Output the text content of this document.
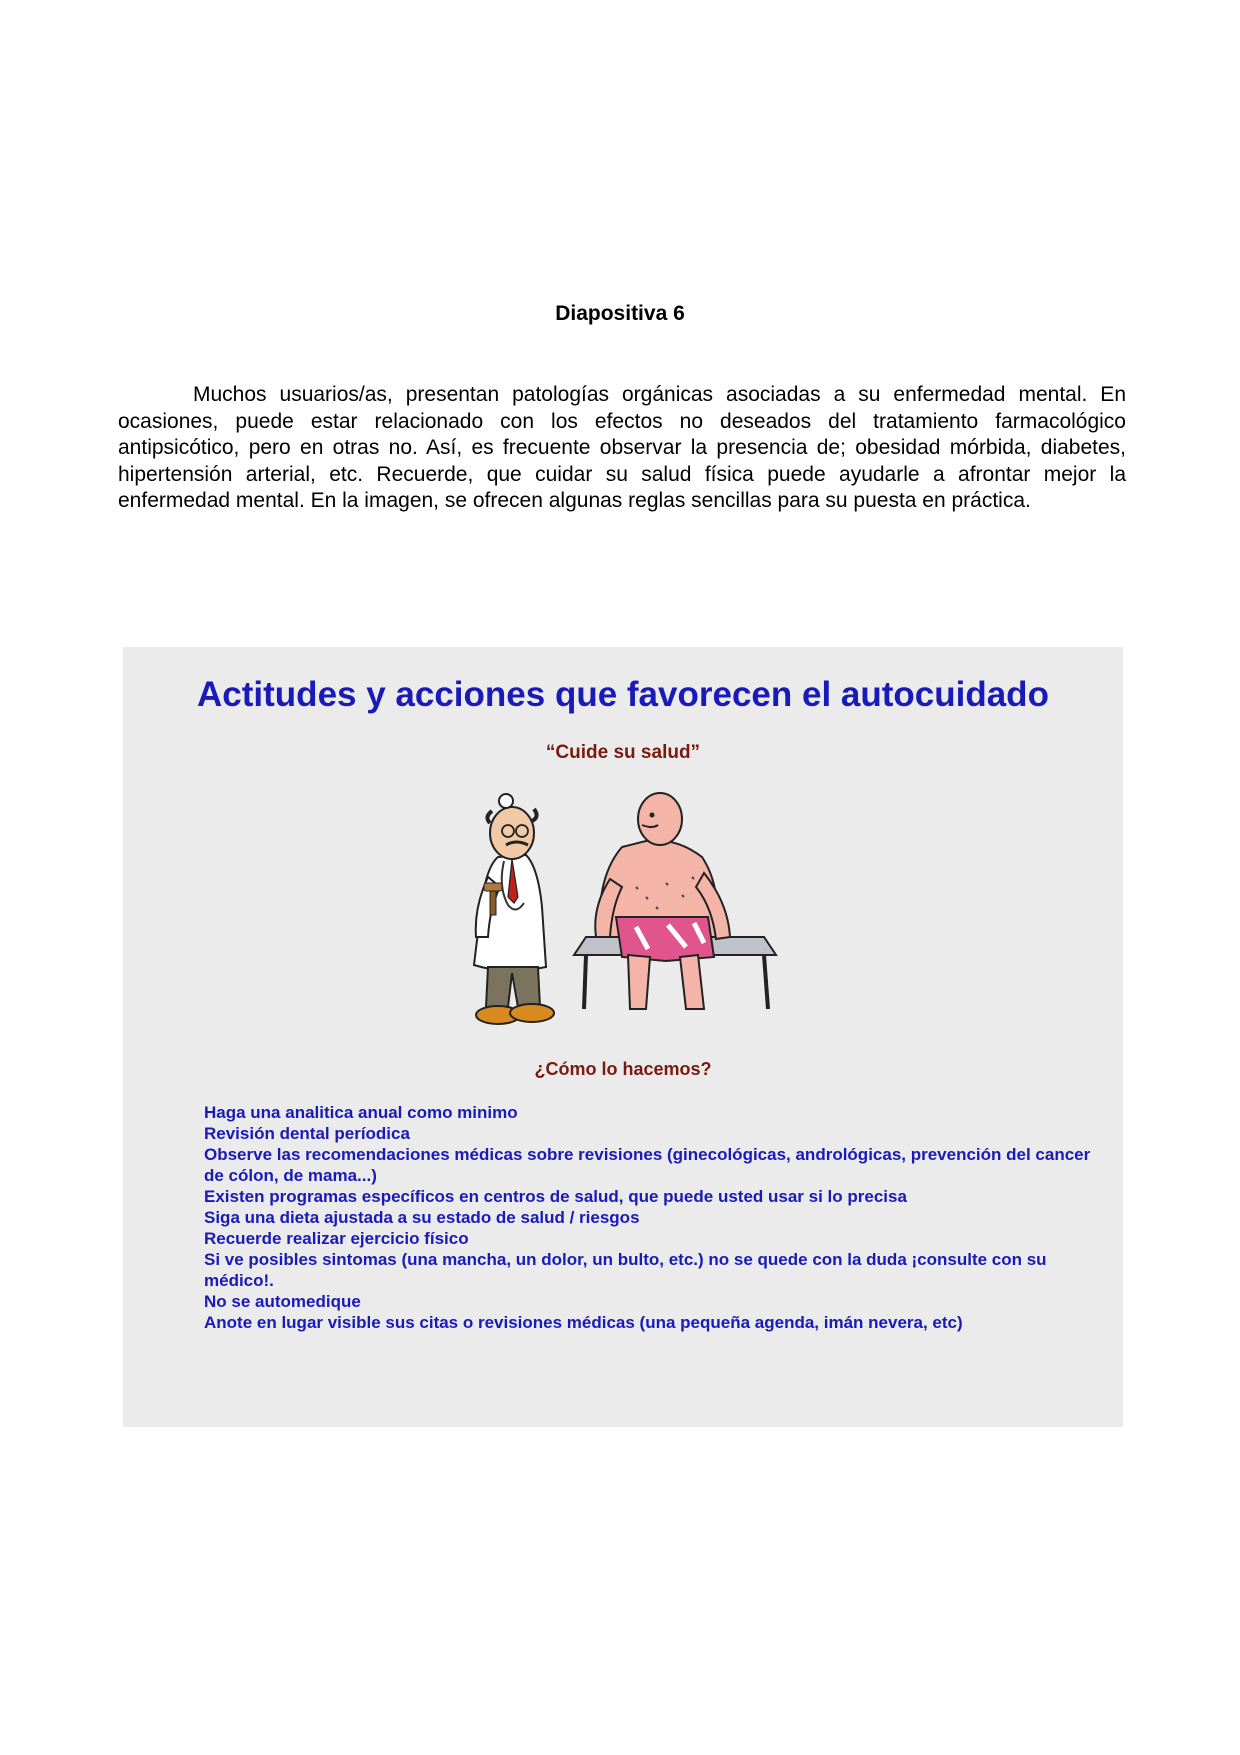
Diapositiva 6

Muchos usuarios/as, presentan patologías orgánicas asociadas a su enfermedad mental. En ocasiones, puede estar relacionado con los efectos no deseados del tratamiento farmacológico antipsicótico, pero en otras no. Así, es frecuente observar la presencia de; obesidad mórbida, diabetes, hipertensión arterial, etc. Recuerde, que cuidar su salud física puede ayudarle a afrontar mejor la enfermedad mental. En la imagen, se ofrecen algunas reglas sencillas para su puesta en práctica.

Actitudes y acciones que favorecen el autocuidado
“Cuide su salud”
¿Cómo lo hacemos?
Haga una analitica anual como minimo
Revisión dental períodica
Observe las recomendaciones médicas sobre revisiones (ginecológicas, andrológicas, prevención del cancer de cólon, de mama...)
Existen programas específicos en centros de salud, que puede usted usar si lo precisa
Siga una dieta ajustada a su estado de salud / riesgos
Recuerde realizar ejercicio físico
Si ve posibles sintomas (una mancha, un dolor, un bulto, etc.) no se quede con la duda ¡consulte con su médico!.
No se automedique
Anote en lugar visible sus citas o revisiones médicas (una pequeña agenda, imán nevera, etc)
